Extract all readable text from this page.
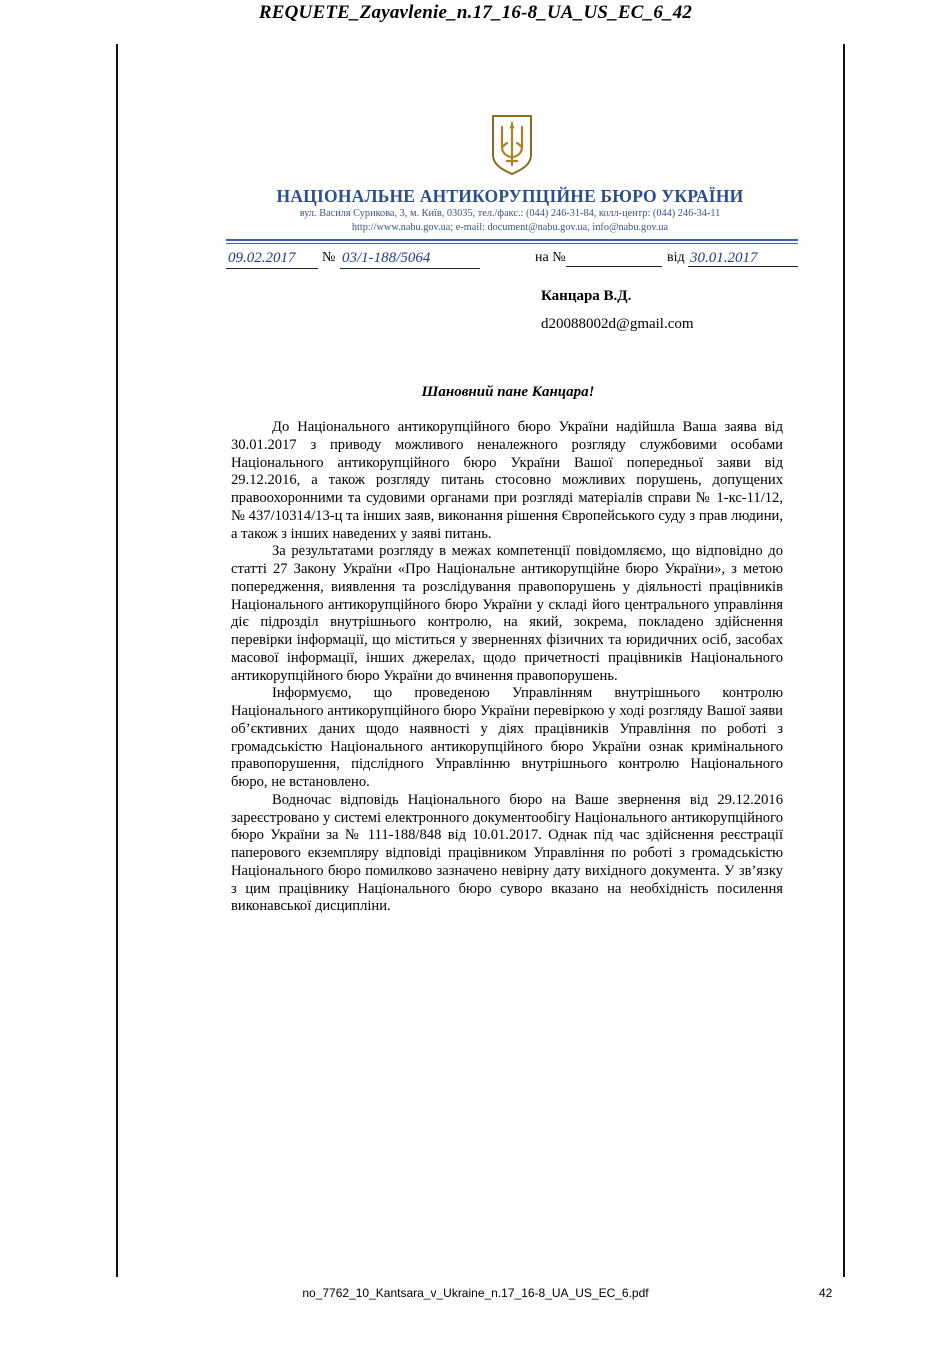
REQUETE_Zayavlenie_n.17_16-8_UA_US_EC_6_42
НАЦІОНАЛЬНЕ АНТИКОРУПЦІЙНЕ БЮРО УКРАЇНИ
вул. Василя Сурикова, 3, м. Київ, 03035, тел./факс.: (044) 246-31-84, колл-центр: (044) 246-34-11
http://www.nabu.gov.ua; e-mail: document@nabu.gov.ua, info@nabu.gov.ua
09.02.2017 № 03/1-188/5064	на №	від 30.01.2017
Канцара В.Д.
d20088002d@gmail.com
Шановний пане Канцара!

До Національного антикорупційного бюро України надійшла Ваша заява від 30.01.2017 з приводу можливого неналежного розгляду службовими особами Національного антикорупційного бюро України Вашої попередньої заяви від 29.12.2016, а також розгляду питань стосовно можливих порушень, допущених правоохоронними та судовими органами при розгляді матеріалів справи № 1-кс-11/12, № 437/10314/13-ц та інших заяв, виконання рішення Європейського суду з прав людини, а також з інших наведених у заяві питань.

За результатами розгляду в межах компетенції повідомляємо, що відповідно до статті 27 Закону України «Про Національне антикорупційне бюро України», з метою попередження, виявлення та розслідування правопорушень у діяльності працівників Національного антикорупційного бюро України у складі його центрального управління діє підрозділ внутрішнього контролю, на який, зокрема, покладено здійснення перевірки інформації, що міститься у зверненнях фізичних та юридичних осіб, засобах масової інформації, інших джерелах, щодо причетності працівників Національного антикорупційного бюро України до вчинення правопорушень.

Інформуємо, що проведеною Управлінням внутрішнього контролю Національного антикорупційного бюро України перевіркою у ході розгляду Вашої заяви об’єктивних даних щодо наявності у діях працівників Управління по роботі з громадськістю Національного антикорупційного бюро України ознак кримінального правопорушення, підслідного Управлінню внутрішнього контролю Національного бюро, не встановлено.

Водночас відповідь Національного бюро на Ваше звернення від 29.12.2016 зареєстровано у системі електронного документообігу Національного антикорупційного бюро України за № 111-188/848 від 10.01.2017. Однак під час здійснення реєстрації паперового екземпляру відповіді працівником Управління по роботі з громадськістю Національного бюро помилково зазначено невірну дату вихідного документа. У зв’язку з цим працівнику Національного бюро суворо вказано на необхідність посилення виконавської дисципліни.

no_7762_10_Kantsara_v_Ukraine_n.17_16-8_UA_US_EC_6.pdf	42
